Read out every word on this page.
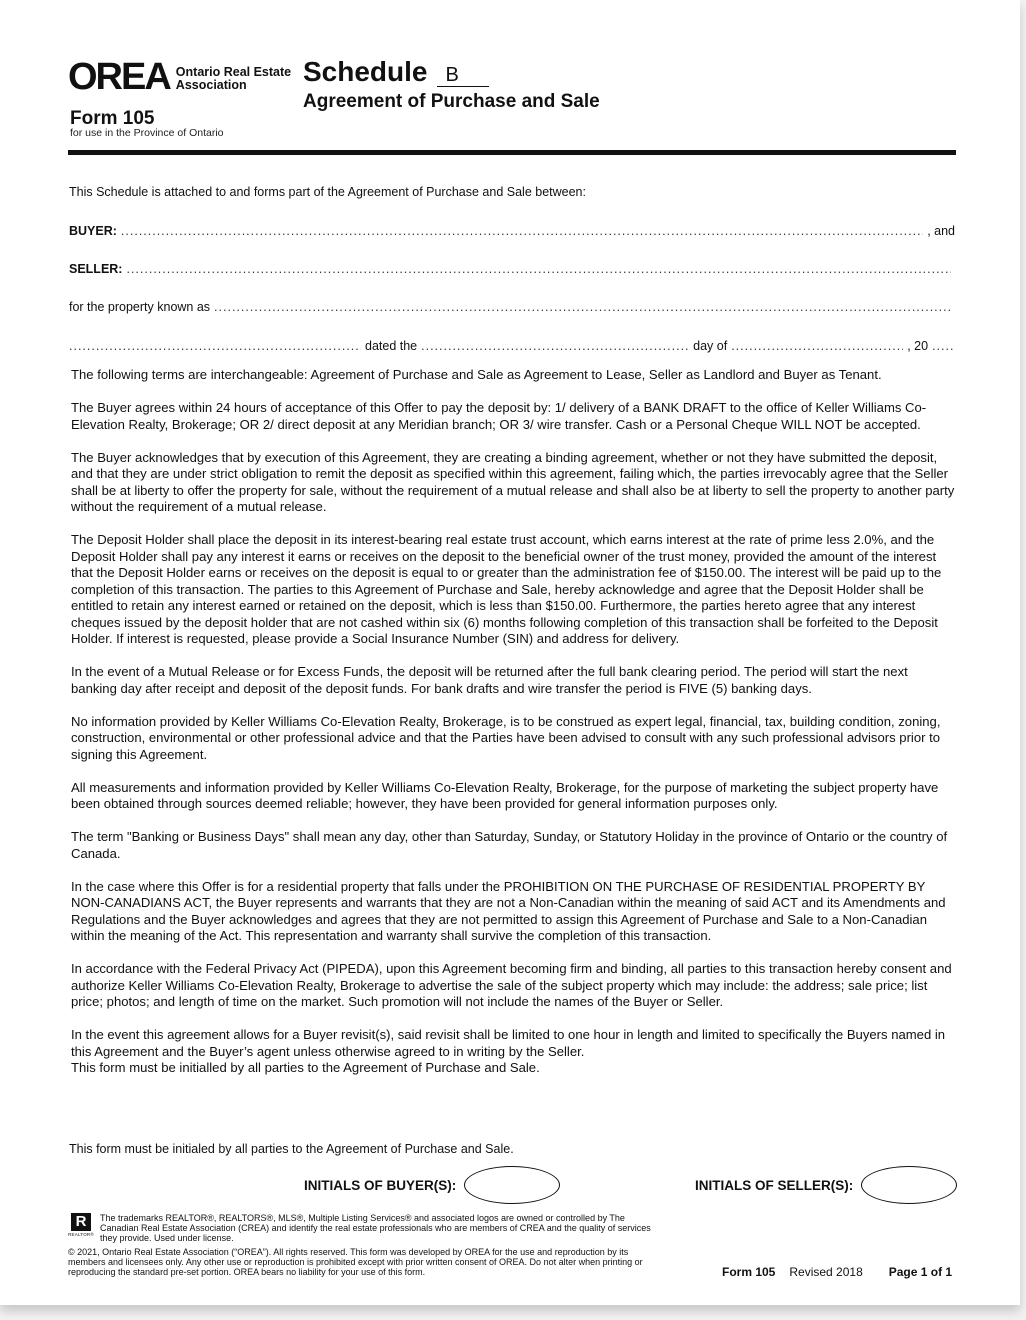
OREA Ontario Real Estate
Association
Form 105
for use in the Province of Ontario
Schedule B
Agreement of Purchase and Sale
This Schedule is attached to and forms part of the Agreement of Purchase and Sale between:
BUYER: .....	, and
SELLER:
.....
for the property known as
.....
.....
dated the .....	day of .....	, 20
.....

The following terms are interchangeable: Agreement of Purchase and Sale as Agreement to Lease, Seller as Landlord and Buyer as Tenant.

The Buyer agrees within 24 hours of acceptance of this Offer to pay the deposit by: 1/ delivery of a BANK DRAFT to the office of Keller Williams Co-Elevation Realty, Brokerage; OR 2/ direct deposit at any Meridian branch; OR 3/ wire transfer. Cash or a Personal Cheque WILL NOT be accepted.

The Buyer acknowledges that by execution of this Agreement, they are creating a binding agreement, whether or not they have submitted the deposit, and that they are under strict obligation to remit the deposit as specified within this agreement, failing which, the parties irrevocably agree that the Seller shall be at liberty to offer the property for sale, without the requirement of a mutual release and shall also be at liberty to sell the property to another party without the requirement of a mutual release.

The Deposit Holder shall place the deposit in its interest-bearing real estate trust account, which earns interest at the rate of prime less 2.0%, and the Deposit Holder shall pay any interest it earns or receives on the deposit to the beneficial owner of the trust money, provided the amount of the interest that the Deposit Holder earns or receives on the deposit is equal to or greater than the administration fee of $150.00. The interest will be paid up to the completion of this transaction. The parties to this Agreement of Purchase and Sale, hereby acknowledge and agree that the Deposit Holder shall be entitled to retain any interest earned or retained on the deposit, which is less than $150.00. Furthermore, the parties hereto agree that any interest cheques issued by the deposit holder that are not cashed within six (6) months following completion of this transaction shall be forfeited to the Deposit Holder. If interest is requested, please provide a Social Insurance Number (SIN) and address for delivery.

In the event of a Mutual Release or for Excess Funds, the deposit will be returned after the full bank clearing period. The period will start the next banking day after receipt and deposit of the deposit funds. For bank drafts and wire transfer the period is FIVE (5) banking days.

No information provided by Keller Williams Co-Elevation Realty, Brokerage, is to be construed as expert legal, financial, tax, building condition, zoning, construction, environmental or other professional advice and that the Parties have been advised to consult with any such professional advisors prior to signing this Agreement.

All measurements and information provided by Keller Williams Co-Elevation Realty, Brokerage, for the purpose of marketing the subject property have been obtained through sources deemed reliable; however, they have been provided for general information purposes only.

The term "Banking or Business Days" shall mean any day, other than Saturday, Sunday, or Statutory Holiday in the province of Ontario or the country of Canada.

In the case where this Offer is for a residential property that falls under the PROHIBITION ON THE PURCHASE OF RESIDENTIAL PROPERTY BY NON-CANADIANS ACT, the Buyer represents and warrants that they are not a Non-Canadian within the meaning of said ACT and its Amendments and Regulations and the Buyer acknowledges and agrees that they are not permitted to assign this Agreement of Purchase and Sale to a Non-Canadian within the meaning of the Act. This representation and warranty shall survive the completion of this transaction.

In accordance with the Federal Privacy Act (PIPEDA), upon this Agreement becoming firm and binding, all parties to this transaction hereby consent and authorize Keller Williams Co-Elevation Realty, Brokerage to advertise the sale of the subject property which may include: the address; sale price; list price; photos; and length of time on the market. Such promotion will not include the names of the Buyer or Seller.

In the event this agreement allows for a Buyer revisit(s), said revisit shall be limited to one hour in length and limited to specifically the Buyers named in this Agreement and the Buyer’s agent unless otherwise agreed to in writing by the Seller.
This form must be initialled by all parties to the Agreement of Purchase and Sale.

This form must be initialed by all parties to the Agreement of Purchase and Sale.
INITIALS OF BUYER(S):	INITIALS OF SELLER(S):
R
REALTOR®
The trademarks REALTOR®, REALTORS®, MLS®, Multiple Listing Services® and associated logos are owned or controlled by The Canadian Real Estate Association (CREA) and identify the real estate professionals who are members of CREA and the quality of services they provide. Used under license.
© 2021, Ontario Real Estate Association (“OREA”). All rights reserved. This form was developed by OREA for the use and reproduction by its members and licensees only. Any other use or reproduction is prohibited except with prior written consent of OREA. Do not alter when printing or reproducing the standard pre-set portion. OREA bears no liability for your use of this form.	Form 105 Revised 2018 Page 1 of 1
